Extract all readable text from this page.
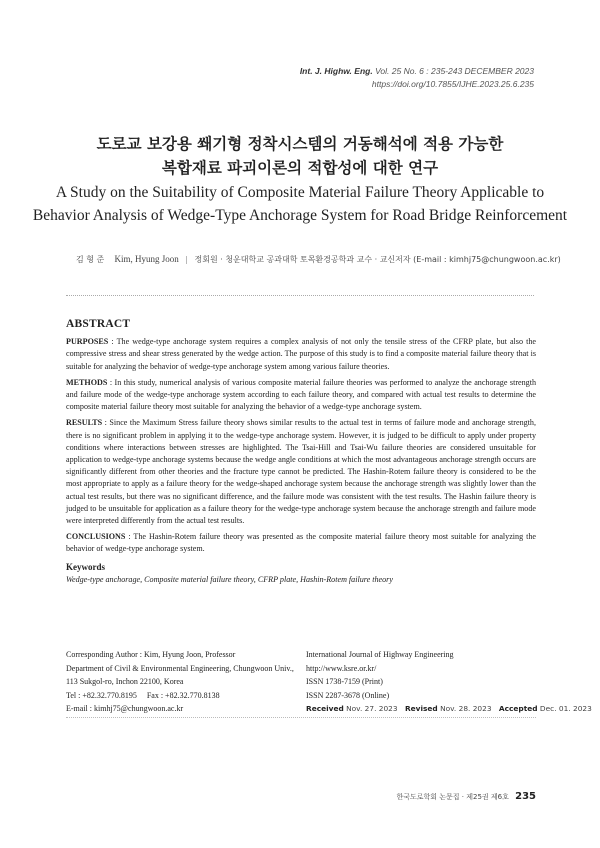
Int. J. Highw. Eng. Vol. 25 No. 6 : 235-243 DECEMBER 2023
https://doi.org/10.7855/IJHE.2023.25.6.235
도로교 보강용 쐐기형 정착시스템의 거동해석에 적용 가능한
복합재료 파괴이론의 적합성에 대한 연구
A Study on the Suitability of Composite Material Failure Theory Applicable to
Behavior Analysis of Wedge-Type Anchorage System for Road Bridge Reinforcement
김 형 준 Kim, Hyung Joon | 정회원 · 청운대학교 공과대학 토목환경공학과 교수 · 교신저자 (E-mail : kimhj75@chungwoon.ac.kr)
ABSTRACT

PURPOSES : The wedge-type anchorage system requires a complex analysis of not only the tensile stress of the CFRP plate, but also the compressive stress and shear stress generated by the wedge action. The purpose of this study is to find a composite material failure theory that is suitable for analyzing the behavior of wedge-type anchorage system among various failure theories.

METHODS : In this study, numerical analysis of various composite material failure theories was performed to analyze the anchorage strength and failure mode of the wedge-type anchorage system according to each failure theory, and compared with actual test results to determine the composite material failure theory most suitable for analyzing the behavior of a wedge-type anchorage system.

RESULTS : Since the Maximum Stress failure theory shows similar results to the actual test in terms of failure mode and anchorage strength, there is no significant problem in applying it to the wedge-type anchorage system. However, it is judged to be difficult to apply under property conditions where interactions between stresses are highlighted. The Tsai-Hill and Tsai-Wu failure theories are considered unsuitable for application to wedge-type anchorage systems because the wedge angle conditions at which the most advantageous anchorage strength occurs are significantly different from other theories and the fracture type cannot be predicted. The Hashin-Rotem failure theory is considered to be the most appropriate to apply as a failure theory for the wedge-shaped anchorage system because the anchorage strength was slightly lower than the actual test results, but there was no significant difference, and the failure mode was consistent with the test results. The Hashin failure theory is judged to be unsuitable for application as a failure theory for the wedge-type anchorage system because the anchorage strength and failure mode were interpreted differently from the actual test results.

CONCLUSIONS : The Hashin-Rotem failure theory was presented as the composite material failure theory most suitable for analyzing the behavior of wedge-type anchorage system.

Keywords

Wedge-type anchorage, Composite material failure theory, CFRP plate, Hashin-Rotem failure theory

Corresponding Author : Kim, Hyung Joon, Professor
Department of Civil & Environmental Engineering, Chungwoon Univ.,
113 Sukgol-ro, Inchon 22100, Korea
Tel : +82.32.770.8195     Fax : +82.32.770.8138
E-mail : kimhj75@chungwoon.ac.kr
International Journal of Highway Engineering
http://www.ksre.or.kr/
ISSN 1738-7159 (Print)
ISSN 2287-3678 (Online)
Received Nov. 27. 2023 Revised Nov. 28. 2023 Accepted Dec. 01. 2023
한국도로학회 논문집 · 제25권 제6호 235
